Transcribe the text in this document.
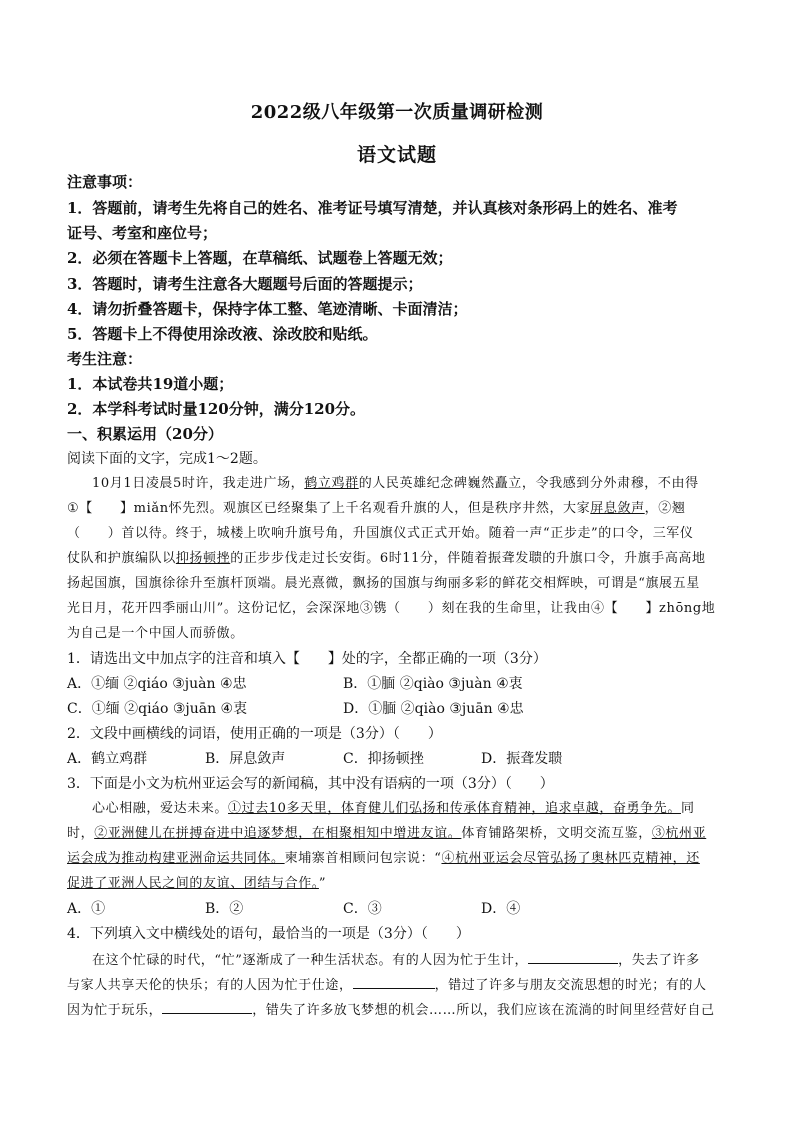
2022级八年级第一次质量调研检测
语文试题
注意事项：
1．答题前，请考生先将自己的姓名、准考证号填写清楚，并认真核对条形码上的姓名、准考
证号、考室和座位号；
2．必须在答题卡上答题，在草稿纸、试题卷上答题无效；
3．答题时，请考生注意各大题题号后面的答题提示；
4．请勿折叠答题卡，保持字体工整、笔迹清晰、卡面清洁；
5．答题卡上不得使用涂改液、涂改胶和贴纸。
考生注意：
1．本试卷共19道小题；
2．本学科考试时量120分钟，满分120分。
一、积累运用（20分）
阅读下面的文字，完成1～2题。
10月1日凌晨5时许，我走进广场，鹤立鸡群的人民英雄纪念碑巍然矗立，令我感到分外肃穆，不由得
①【　　】miǎn怀先烈。观旗区已经聚集了上千名观看升旗的人，但是秩序井然，大家屏息敛声，②翘
（　　）首以待。终于，城楼上吹响升旗号角，升国旗仪式正式开始。随着一声“正步走”的口令，三军仪
仗队和护旗编队以抑扬顿挫的正步步伐走过长安街。6时11分，伴随着振聋发聩的升旗口令，升旗手高高地
扬起国旗，国旗徐徐升至旗杆顶端。晨光熹微，飘扬的国旗与绚丽多彩的鲜花交相辉映，可谓是“旗展五星
光日月，花开四季丽山川”。这份记忆，会深深地③镌（　　）刻在我的生命里，让我由④【　　】zhōng地
为自己是一个中国人而骄傲。
1．请选出文中加点字的注音和填入【　　】处的字，全都正确的一项（3分）
A．①缅 ②qiáo ③juàn ④忠	B．①腼 ②qiào ③juàn ④衷
C．①缅 ②qiáo ③juān ④衷	D．①腼 ②qiào ③juān ④忠
2．文段中画横线的词语，使用正确的一项是（3分）（　　）
A．鹤立鸡群	B．屏息敛声	C．抑扬顿挫	D．振聋发聩
3．下面是小文为杭州亚运会写的新闻稿，其中没有语病的一项（3分）（　　）
心心相融，爱达未来。①过去10多天里，体育健儿们弘扬和传承体育精神，追求卓越，奋勇争先。同
时，②亚洲健儿在拼搏奋进中追逐梦想，在相聚相知中增进友谊。体育铺路架桥，文明交流互鉴，③杭州亚
运会成为推动构建亚洲命运共同体。柬埔寨首相顾问包宗说：“④杭州亚运会尽管弘扬了奥林匹克精神，还
促进了亚洲人民之间的友谊、团结与合作。”
A．①	B．②	C．③	D．④
4．下列填入文中横线处的语句，最恰当的一项是（3分）（　　）
在这个忙碌的时代，“忙”逐渐成了一种生活状态。有的人因为忙于生计，	，失去了许多
与家人共享天伦的快乐；有的人因为忙于仕途，	，错过了许多与朋友交流思想的时光；有的人
因为忙于玩乐，	，错失了许多放飞梦想的机会……所以，我们应该在流淌的时间里经营好自己
